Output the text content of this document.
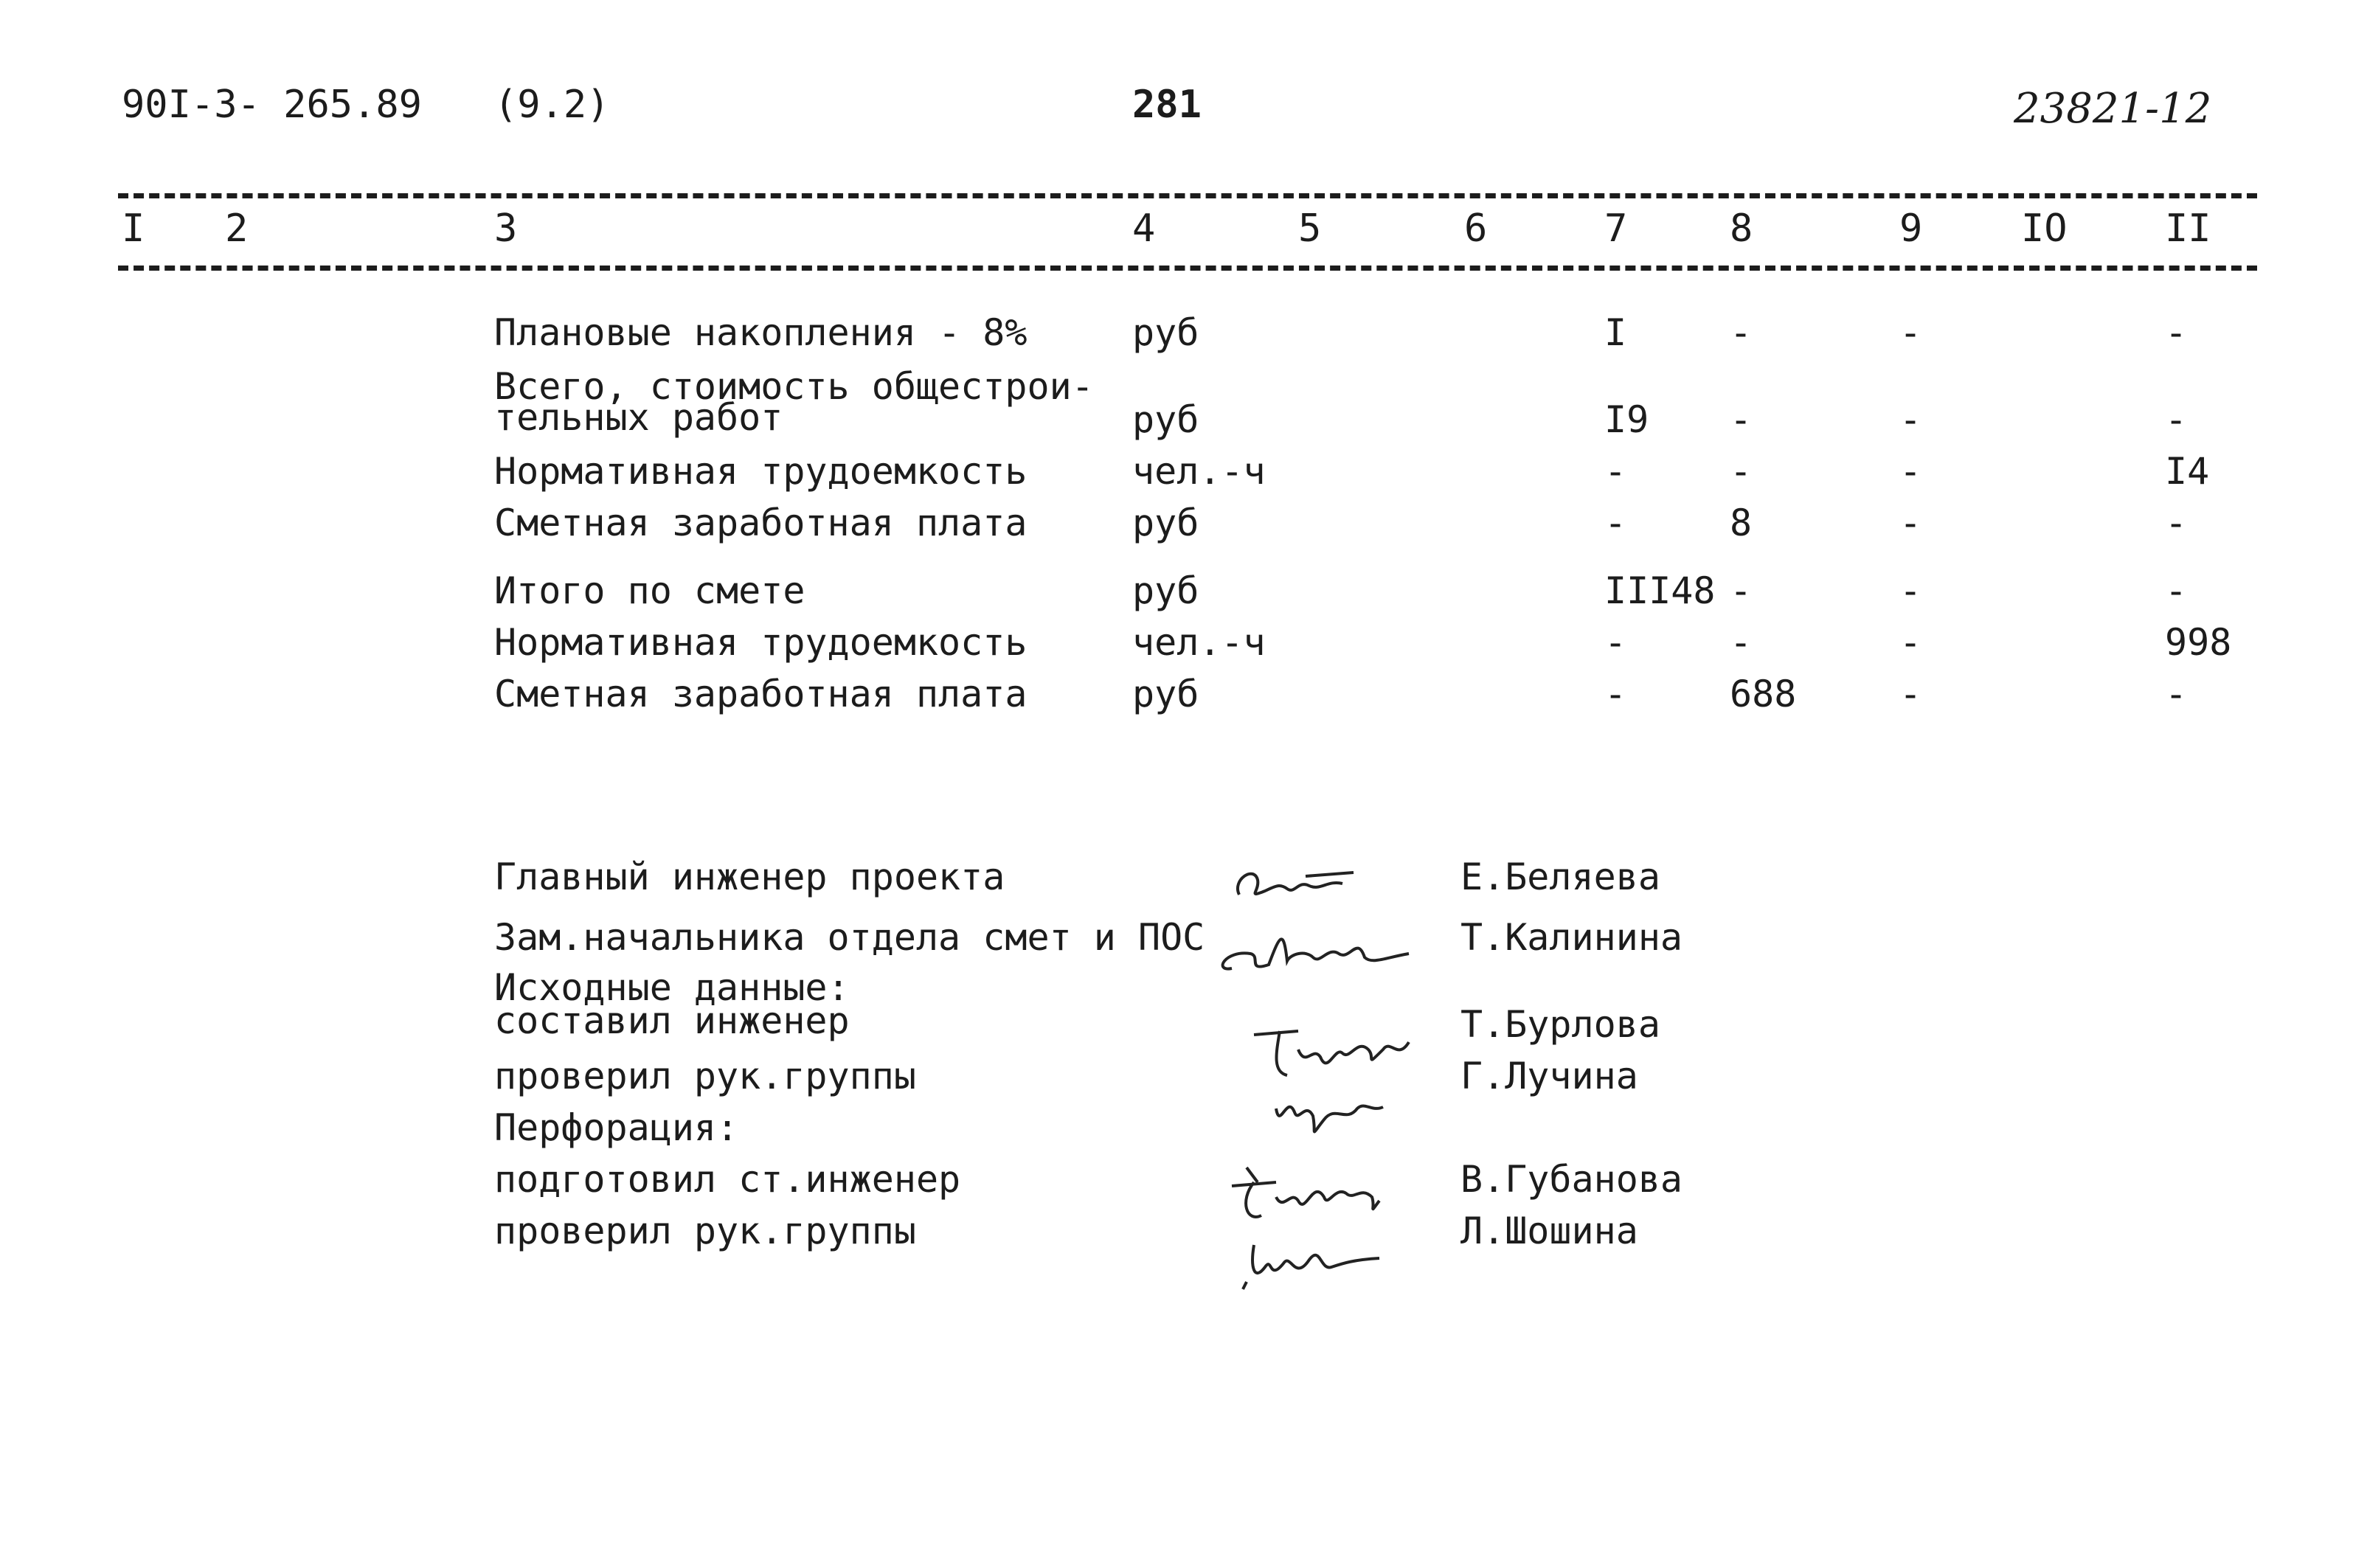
90I-3- 265.89 (9.2)	281	23821-12
I 2	3	4	5	6	7	8	9	IO	II
Плановые накопления - 8%	руб	I	-	-	-
Всего, стоимость общестрои-
тельных работ	руб	I9 -	-	-
Нормативная трудоемкость	чел.-ч	-	-	-	I4
Сметная заработная плата	руб	-	8	-	-
Итого по смете	руб	III48 -	-	-
Нормативная трудоемкость	чел.-ч	-	-	-	998
Сметная заработная плата	руб	-	688	-	-
Главный инженер проекта	Е.Беляева
Зам.начальника отдела смет и ПОС	Т.Калинина
Исходные данные:
составил инженер	Т.Бурлова
проверил рук.группы	Г.Лучина
Перфорация:
подготовил ст.инженер	В.Губанова
проверил рук.группы	Л.Шошина
